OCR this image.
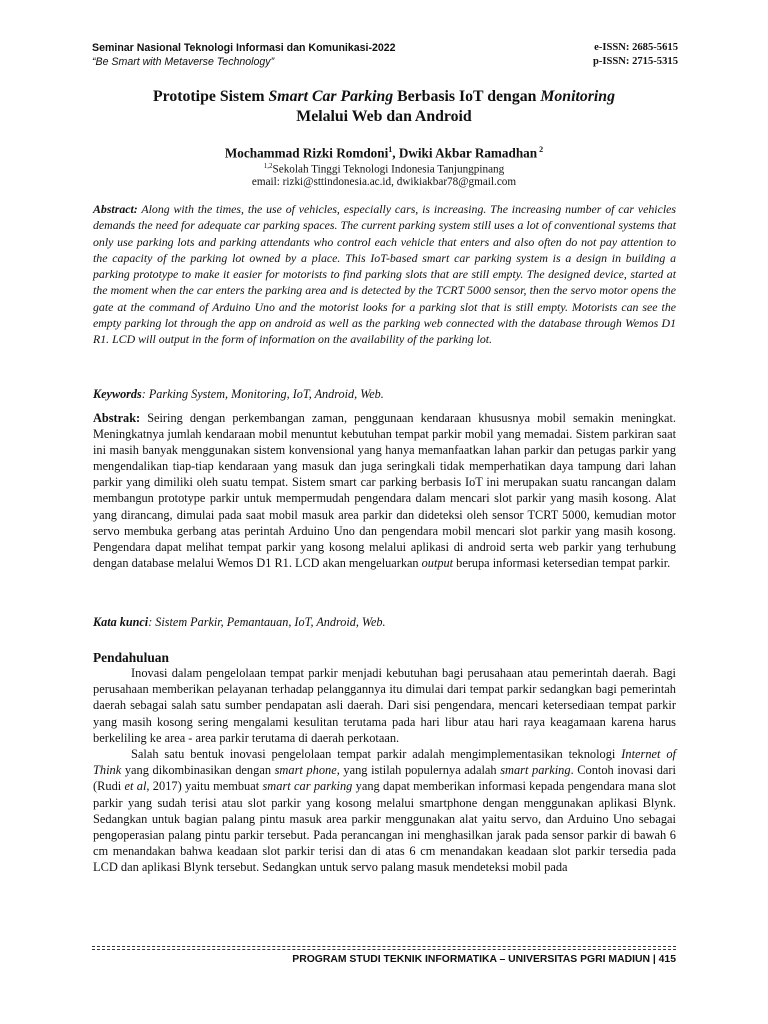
Seminar Nasional Teknologi Informasi dan Komunikasi-2022
“Be Smart with Metaverse Technology”
e-ISSN: 2685-5615
p-ISSN: 2715-5315
Prototipe Sistem Smart Car Parking Berbasis IoT dengan Monitoring
Melalui Web dan Android
Mochammad Rizki Romdoni$^1$, Dwiki Akbar Ramadhan $^2$
$^{1,2}$Sekolah Tinggi Teknologi Indonesia Tanjungpinang
email: rizki@sttindonesia.ac.id, dwikiakbar78@gmail.com
Abstract: Along with the times, the use of vehicles, especially cars, is increasing. The increasing number of car vehicles demands the need for adequate car parking spaces. The current parking system still uses a lot of conventional systems that only use parking lots and parking attendants who control each vehicle that enters and also often do not pay attention to the capacity of the parking lot owned by a place. This IoT-based smart car parking system is a design in building a parking prototype to make it easier for motorists to find parking slots that are still empty. The designed device, started at the moment when the car enters the parking area and is detected by the TCRT 5000 sensor, then the servo motor opens the gate at the command of Arduino Uno and the motorist looks for a parking slot that is still empty. Motorists can see the empty parking lot through the app on android as well as the parking web connected with the database through Wemos D1 R1. LCD will output in the form of information on the availability of the parking lot.
Keywords: Parking System, Monitoring, IoT, Android, Web.
Abstrak: Seiring dengan perkembangan zaman, penggunaan kendaraan khususnya mobil semakin meningkat. Meningkatnya jumlah kendaraan mobil menuntut kebutuhan tempat parkir mobil yang memadai. Sistem parkiran saat ini masih banyak menggunakan sistem konvensional yang hanya memanfaatkan lahan parkir dan petugas parkir yang mengendalikan tiap-tiap kendaraan yang masuk dan juga seringkali tidak memperhatikan daya tampung dari lahan parkir yang dimiliki oleh suatu tempat. Sistem smart car parking berbasis IoT ini merupakan suatu rancangan dalam membangun prototype parkir untuk mempermudah pengendara dalam mencari slot parkir yang masih kosong. Alat yang dirancang, dimulai pada saat mobil masuk area parkir dan dideteksi oleh sensor TCRT 5000, kemudian motor servo membuka gerbang atas perintah Arduino Uno dan pengendara mobil mencari slot parkir yang masih kosong. Pengendara dapat melihat tempat parkir yang kosong melalui aplikasi di android serta web parkir yang terhubung dengan database melalui Wemos D1 R1. LCD akan mengeluarkan output berupa informasi ketersedian tempat parkir.
Kata kunci: Sistem Parkir, Pemantauan, IoT, Android, Web.
Pendahuluan

Inovasi dalam pengelolaan tempat parkir menjadi kebutuhan bagi perusahaan atau pemerintah daerah. Bagi perusahaan memberikan pelayanan terhadap pelanggannya itu dimulai dari tempat parkir sedangkan bagi pemerintah daerah sebagai salah satu sumber pendapatan asli daerah. Dari sisi pengendara, mencari ketersediaan tempat parkir yang masih kosong sering mengalami kesulitan terutama pada hari libur atau hari raya keagamaan karena harus berkeliling ke area - area parkir terutama di daerah perkotaan.

Salah satu bentuk inovasi pengelolaan tempat parkir adalah mengimplementasikan teknologi Internet of Think yang dikombinasikan dengan smart phone, yang istilah populernya adalah smart parking. Contoh inovasi dari (Rudi et al, 2017) yaitu membuat smart car parking yang dapat memberikan informasi kepada pengendara mana slot parkir yang sudah terisi atau slot parkir yang kosong melalui smartphone dengan menggunakan aplikasi Blynk. Sedangkan untuk bagian palang pintu masuk area parkir menggunakan alat yaitu servo, dan Arduino Uno sebagai pengoperasian palang pintu parkir tersebut. Pada perancangan ini menghasilkan jarak pada sensor parkir di bawah 6 cm menandakan bahwa keadaan slot parkir terisi dan di atas 6 cm menandakan keadaan slot parkir tersedia pada LCD dan aplikasi Blynk tersebut. Sedangkan untuk servo palang masuk mendeteksi mobil pada

PROGRAM STUDI TEKNIK INFORMATIKA – UNIVERSITAS PGRI MADIUN | 415
